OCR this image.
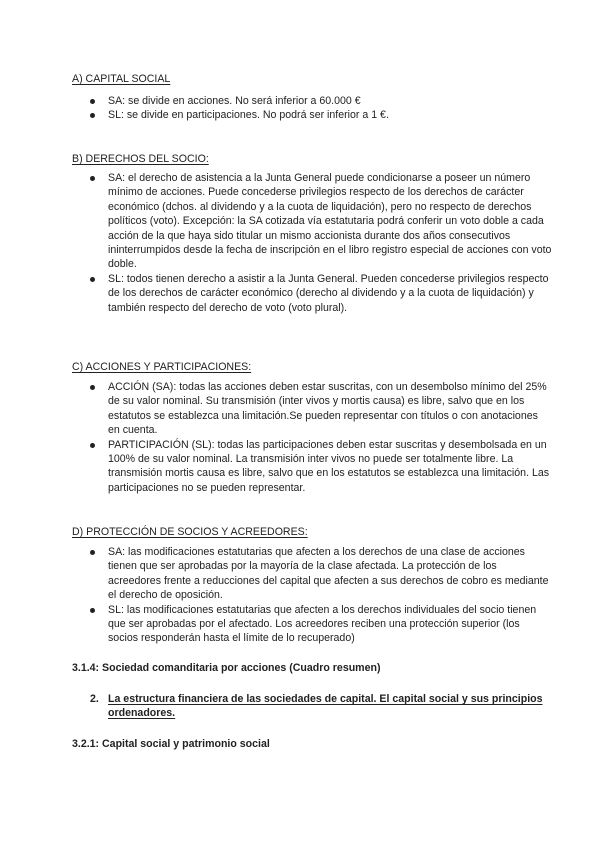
A) CAPITAL SOCIAL
SA: se divide en acciones. No será inferior a 60.000 €
SL: se divide en participaciones. No podrá ser inferior a 1 €.
B) DERECHOS DEL SOCIO:
SA: el derecho de asistencia a la Junta General puede condicionarse a poseer un número mínimo de acciones. Puede concederse privilegios respecto de los derechos de carácter económico (dchos. al dividendo y a la cuota de liquidación), pero no respecto de derechos políticos (voto). Excepción: la SA cotizada vía estatutaria podrá conferir un voto doble a cada acción de la que haya sido titular un mismo accionista durante dos años consecutivos ininterrumpidos desde la fecha de inscripción en el libro registro especial de acciones con voto doble.
SL: todos tienen derecho a asistir a la Junta General. Pueden concederse privilegios respecto de los derechos de carácter económico (derecho al dividendo y a la cuota de liquidación) y también respecto del derecho de voto (voto plural).
C) ACCIONES Y PARTICIPACIONES:
ACCIÓN (SA): todas las acciones deben estar suscritas, con un desembolso mínimo del 25% de su valor nominal. Su transmisión (inter vivos y mortis causa) es libre, salvo que en los estatutos se establezca una limitación.Se pueden representar con títulos o con anotaciones en cuenta.
PARTICIPACIÓN (SL): todas las participaciones deben estar suscritas y desembolsada en un 100% de su valor nominal. La transmisión inter vivos no puede ser totalmente libre. La transmisión mortis causa es libre, salvo que en los estatutos se establezca una limitación. Las participaciones no se pueden representar.
D) PROTECCIÓN DE SOCIOS Y ACREEDORES:
SA: las modificaciones estatutarias que afecten a los derechos de una clase de acciones tienen que ser aprobadas por la mayoría de la clase afectada. La protección de los acreedores frente a reducciones del capital que afecten a sus derechos de cobro es mediante el derecho de oposición.
SL: las modificaciones estatutarias que afecten a los derechos individuales del socio tienen que ser aprobadas por el afectado. Los acreedores reciben una protección superior (los socios responderán hasta el límite de lo recuperado)
3.1.4: Sociedad comanditaria por acciones (Cuadro resumen)
2. La estructura financiera de las sociedades de capital. El capital social y sus principios ordenadores.
3.2.1: Capital social y patrimonio social
